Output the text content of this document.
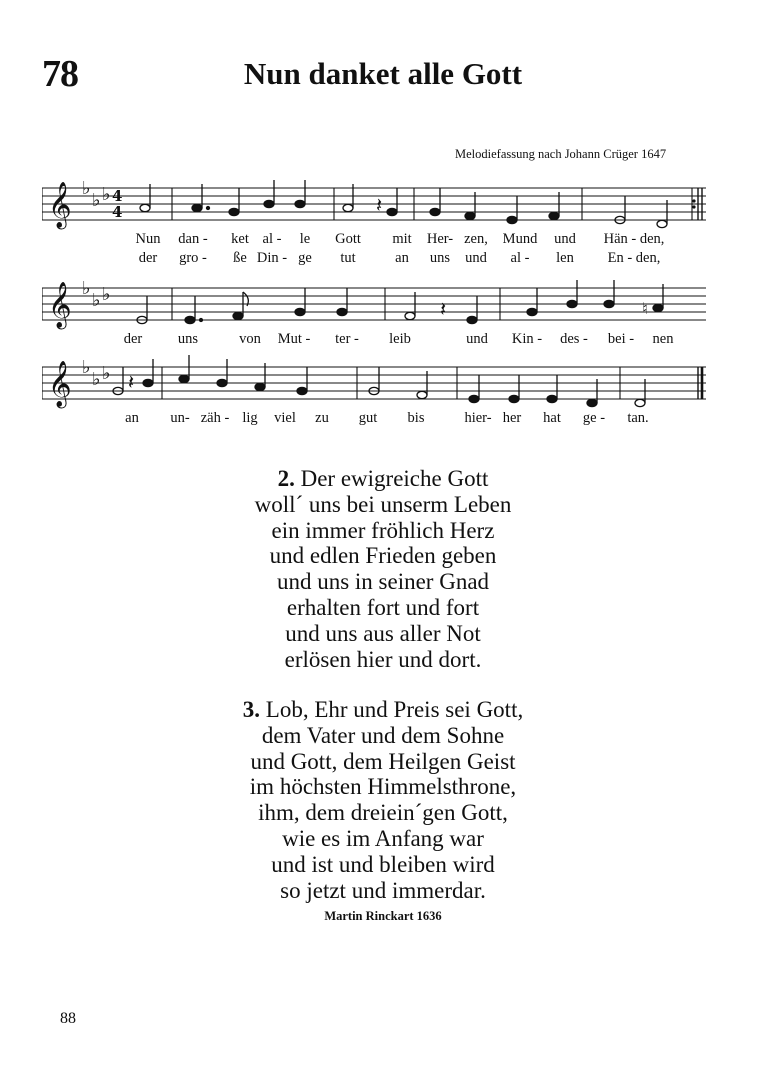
78	Nun danket alle Gott
Melodiefassung nach Johann Crüger 1647
𝄞 ♭
♭ ♭ 4
4	𝄽
Nun dan - ket al - le Gott mit Her- zen, Mund und Hän - den,
der gro - ße Din - ge tut	an uns und al - len En - den,
𝄞 ♭
♭ ♭
𝄽	♮
der uns	von Mut - ter - leib	und Kin - des - bei - nen
𝄞 ♭
♭ ♭ 𝄽
an un- zäh - lig viel zu gut bis	hier- her hat ge - tan.
2. Der ewigreiche Gott
woll´ uns bei unserm Leben
ein immer fröhlich Herz
und edlen Frieden geben
und uns in seiner Gnad
erhalten fort und fort
und uns aus aller Not
erlösen hier und dort.
3. Lob, Ehr und Preis sei Gott,
dem Vater und dem Sohne
und Gott, dem Heilgen Geist
im höchsten Himmelsthrone,
ihm, dem dreiein´gen Gott,
wie es im Anfang war
und ist und bleiben wird
so jetzt und immerdar.
Martin Rinckart 1636
88
